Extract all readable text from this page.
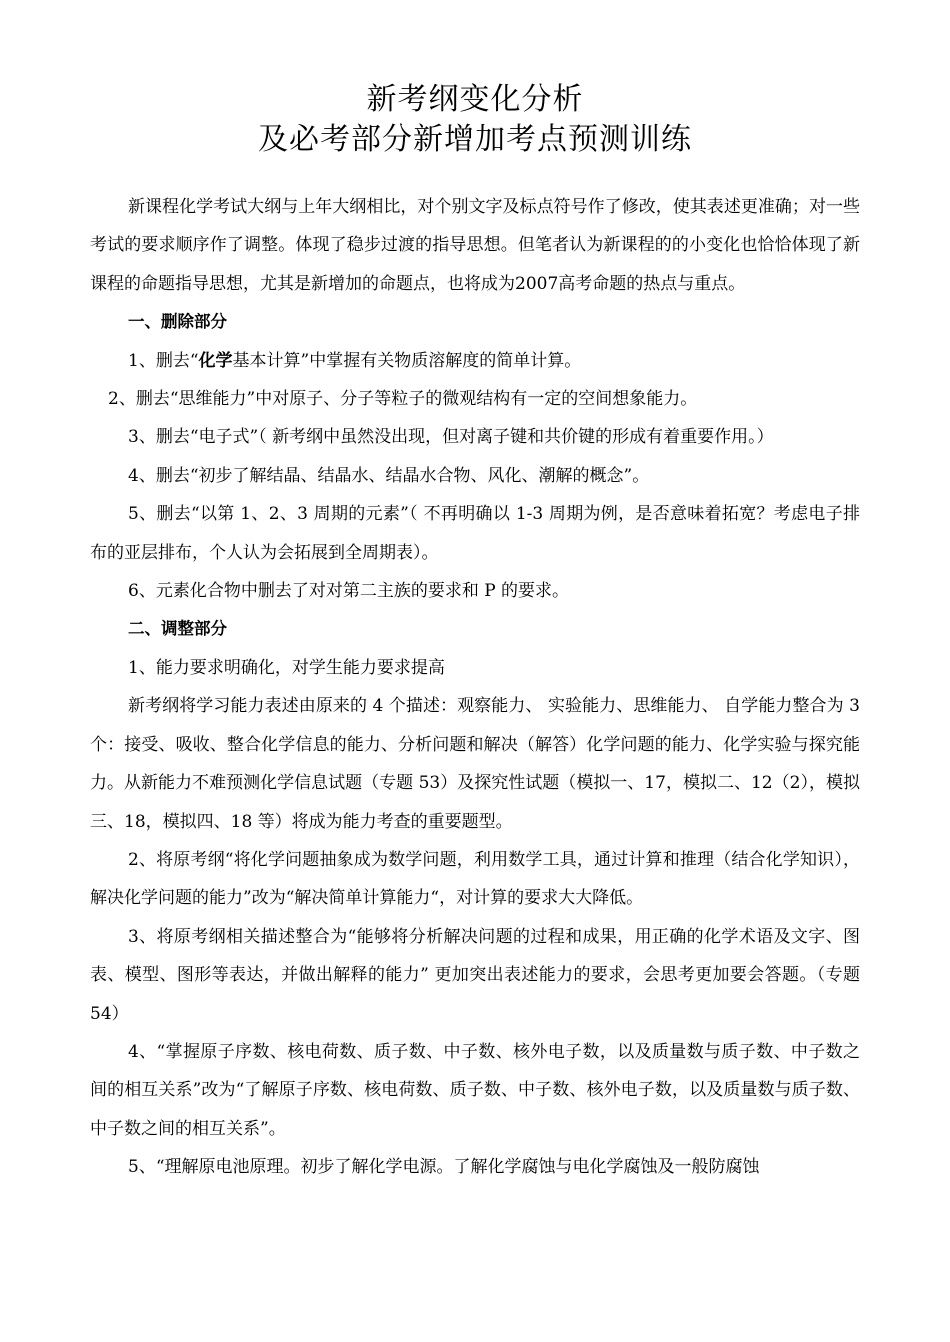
新考纲变化分析
及必考部分新增加考点预测训练

新课程化学考试大纲与上年大纲相比，对个别文字及标点符号作了修改，使其表述更准确；对一些考试的要求顺序作了调整。体现了稳步过渡的指导思想。但笔者认为新课程的的小变化也恰恰体现了新课程的命题指导思想，尤其是新增加的命题点，也将成为2007高考命题的热点与重点。

一、删除部分

1、删去“化学基本计算”中掌握有关物质溶解度的简单计算。

2、删去“思维能力”中对原子、分子等粒子的微观结构有一定的空间想象能力。

3、删去“电子式”（ 新考纲中虽然没出现，但对离子键和共价键的形成有着重要作用。）

4、删去“初步了解结晶、结晶水、结晶水合物、风化、潮解的概念”。

5、删去“以第 1、2、3 周期的元素”（ 不再明确以 1-3 周期为例，是否意味着拓宽？考虑电子排布的亚层排布，个人认为会拓展到全周期表）。

6、元素化合物中删去了对对第二主族的要求和 P 的要求。

二、调整部分

1、能力要求明确化，对学生能力要求提高

新考纲将学习能力表述由原来的 4 个描述：观察能力、 实验能力、思维能力、 自学能力整合为 3 个：接受、吸收、整合化学信息的能力、分析问题和解决（解答）化学问题的能力、化学实验与探究能力。从新能力不难预测化学信息试题（专题 53）及探究性试题（模拟一、17，模拟二、12（2），模拟三、18，模拟四、18 等）将成为能力考查的重要题型。

2、将原考纲“将化学问题抽象成为数学问题，利用数学工具，通过计算和推理（结合化学知识），解决化学问题的能力”改为“解决简单计算能力“，对计算的要求大大降低。

3、将原考纲相关描述整合为“能够将分析解决问题的过程和成果，用正确的化学术语及文字、图表、模型、图形等表达，并做出解释的能力” 更加突出表述能力的要求，会思考更加要会答题。（专题 54）

4、“掌握原子序数、核电荷数、质子数、中子数、核外电子数，以及质量数与质子数、中子数之间的相互关系”改为“了解原子序数、核电荷数、质子数、中子数、核外电子数，以及质量数与质子数、中子数之间的相互关系”。

5、“理解原电池原理。初步了解化学电源。了解化学腐蚀与电化学腐蚀及一般防腐蚀
